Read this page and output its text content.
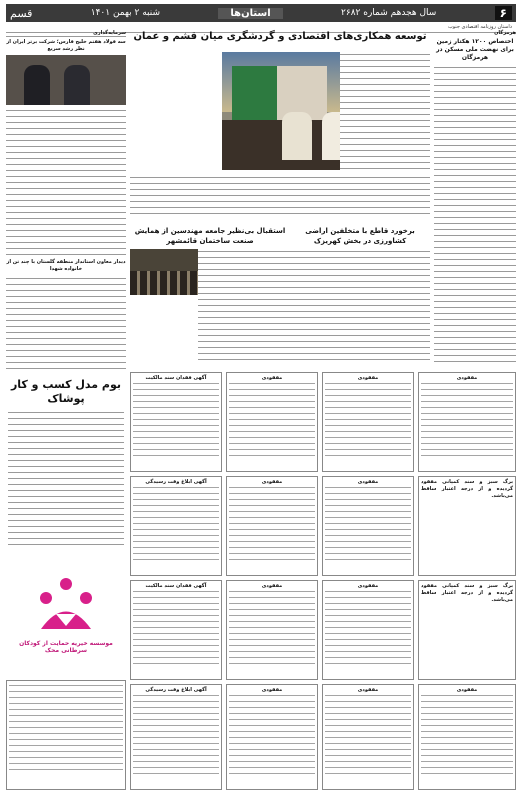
۶
سال هجدهم شماره ۲۶۸۲
استان‌ها
شنبه ۲ بهمن ۱۴۰۱
قسم
داستان روزنامه اقتصادی جنوب
هرمزگان
اختصاص ۱۲۰۰ هکتار زمین برای نهضت ملی مسکن در هرمزگان
توسعه همکاری‌های اقتصادی و گردشگری میان قشم و عمان
سرمایه‌گذاری
سه فولاد هفتم خلیج فارس؛ شرکت برتر ایران از نظر رشد سریع
دیدار معاون استاندار منطقه گلستان با چند تن از خانواده شهدا
برخورد قاطع با متخلفین اراضی کشاورزی در بخش کهریزک
استقبال بی‌نظیر جامعه مهندسین از همایش صنعت ساختمان قائمشهر
بوم مدل کسب و کار پوشاک
موسسه خیریه حمایت از کودکان سرطانی محک
آگهی فقدان سند مالکیت	مفقودی	مفقودی	مفقودی
آگهی ابلاغ وقت رسیدگی	مفقودی	مفقودی	برگ سبز و سند کمپانی مفقود گردیده و از درجه اعتبار ساقط می‌باشد.
آگهی فقدان سند مالکیت	مفقودی	مفقودی	برگ سبز و سند کمپانی مفقود گردیده و از درجه اعتبار ساقط می‌باشد.
آگهی ابلاغ وقت رسیدگی	مفقودی	مفقودی	مفقودی
